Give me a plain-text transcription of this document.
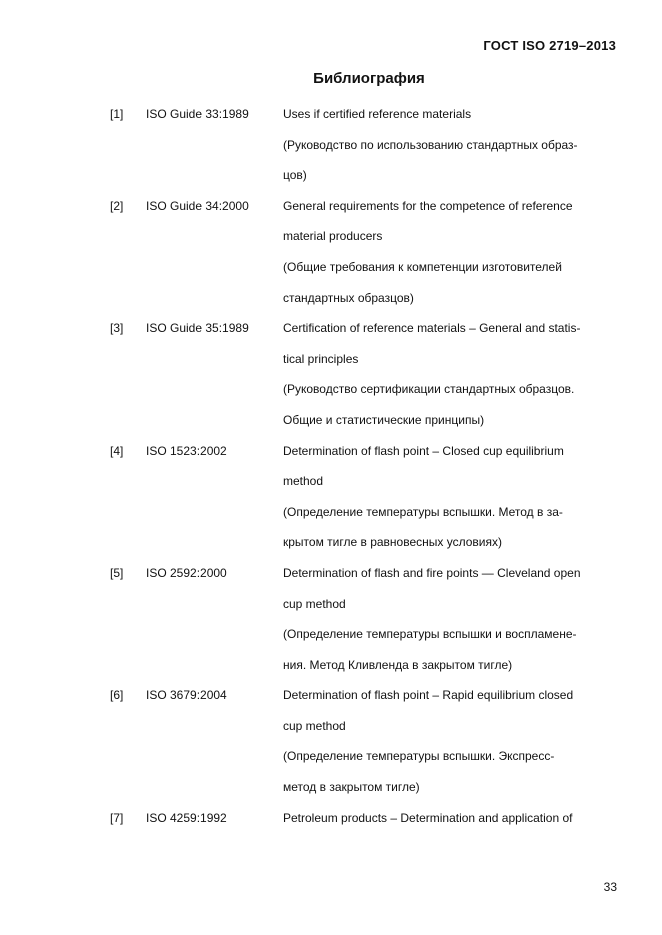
ГОСТ ISO 2719–2013
Библиография
[1] ISO Guide 33:1989	Uses if certified reference materials
(Руководство по использованию стандартных образ-
цов)
[2] ISO Guide 34:2000	General requirements for the competence of reference
material producers
(Общие требования к компетенции изготовителей
стандартных образцов)
[3] ISO Guide 35:1989	Certification of reference materials – General and statis-
tical principles
(Руководство сертификации стандартных образцов.
Общие и статистические принципы)
[4] ISO 1523:2002	Determination of flash point – Closed cup equilibrium
method
(Определение температуры вспышки. Метод в за-
крытом тигле в равновесных условиях)
[5] ISO 2592:2000	Determination of flash and fire points — Cleveland open
cup method
(Определение температуры вспышки и воспламене-
ния. Метод Кливленда в закрытом тигле)
[6] ISO 3679:2004	Determination of flash point – Rapid equilibrium closed
cup method
(Определение температуры вспышки. Экспресс-
метод в закрытом тигле)
[7] ISO 4259:1992	Petroleum products – Determination and application of
33
